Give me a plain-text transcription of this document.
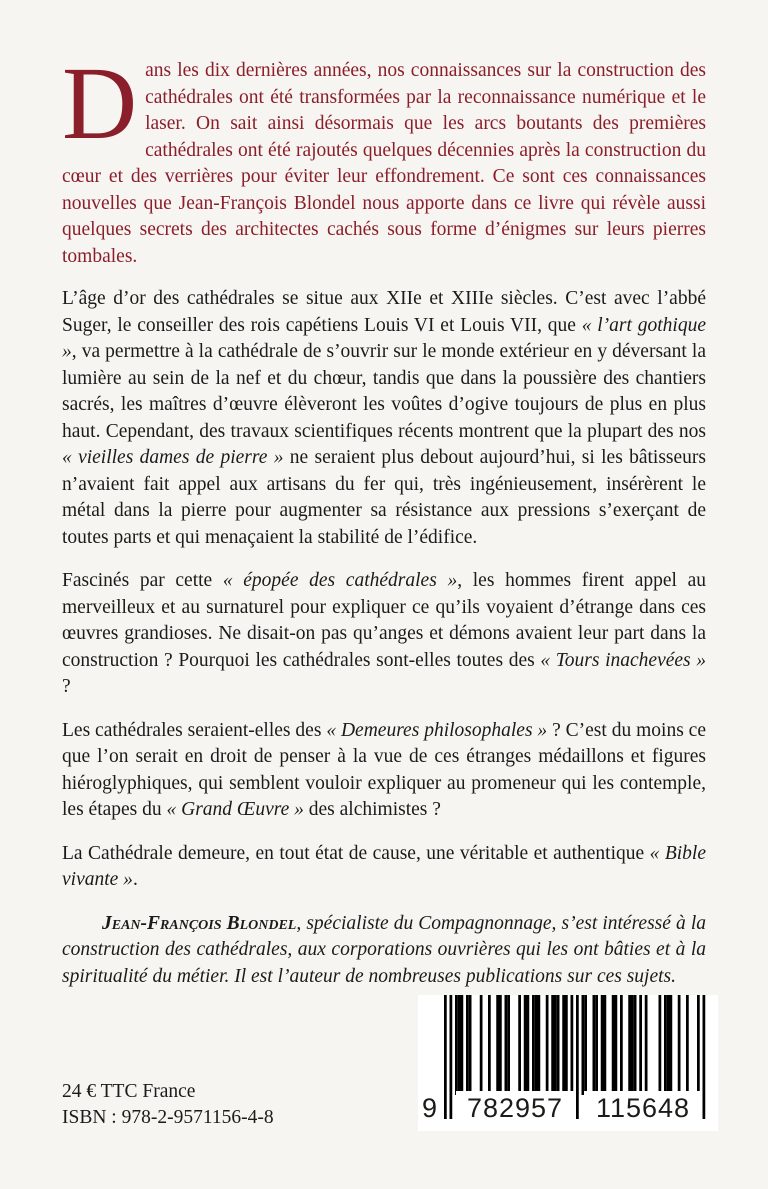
Dans les dix dernières années, nos connaissances sur la construction des cathédrales ont été transformées par la reconnaissance numérique et le laser. On sait ainsi désormais que les arcs boutants des premières cathédrales ont été rajoutés quelques décennies après la construction du cœur et des verrières pour éviter leur effondrement. Ce sont ces connaissances nouvelles que Jean-François Blondel nous apporte dans ce livre qui révèle aussi quelques secrets des architectes cachés sous forme d’énigmes sur leurs pierres tombales.

L’âge d’or des cathédrales se situe aux XIIe et XIIIe siècles. C’est avec l’abbé Suger, le conseiller des rois capétiens Louis VI et Louis VII, que « l’art gothique », va permettre à la cathédrale de s’ouvrir sur le monde extérieur en y déversant la lumière au sein de la nef et du chœur, tandis que dans la poussière des chantiers sacrés, les maîtres d’œuvre élèveront les voûtes d’ogive toujours de plus en plus haut. Cependant, des travaux scientifiques récents montrent que la plupart des nos « vieilles dames de pierre » ne seraient plus debout aujourd’hui, si les bâtisseurs n’avaient fait appel aux artisans du fer qui, très ingénieusement, insérèrent le métal dans la pierre pour augmenter sa résistance aux pressions s’exerçant de toutes parts et qui menaçaient la stabilité de l’édifice.

Fascinés par cette « épopée des cathédrales », les hommes firent appel au merveilleux et au surnaturel pour expliquer ce qu’ils voyaient d’étrange dans ces œuvres grandioses. Ne disait-on pas qu’anges et démons avaient leur part dans la construction ? Pourquoi les cathédrales sont-elles toutes des « Tours inachevées » ?

Les cathédrales seraient-elles des « Demeures philosophales » ? C’est du moins ce que l’on serait en droit de penser à la vue de ces étranges médaillons et figures hiéroglyphiques, qui semblent vouloir expliquer au promeneur qui les contemple, les étapes du « Grand Œuvre » des alchimistes ?

La Cathédrale demeure, en tout état de cause, une véritable et authentique « Bible vivante ».

Jean-François Blondel, spécialiste du Compagnonnage, s’est intéressé à la construction des cathédrales, aux corporations ouvrières qui les ont bâties et à la spiritualité du métier. Il est l’auteur de nombreuses publications sur ces sujets.

24 € TTC France
ISBN : 978-2-9571156-4-8	9	782957	115648
